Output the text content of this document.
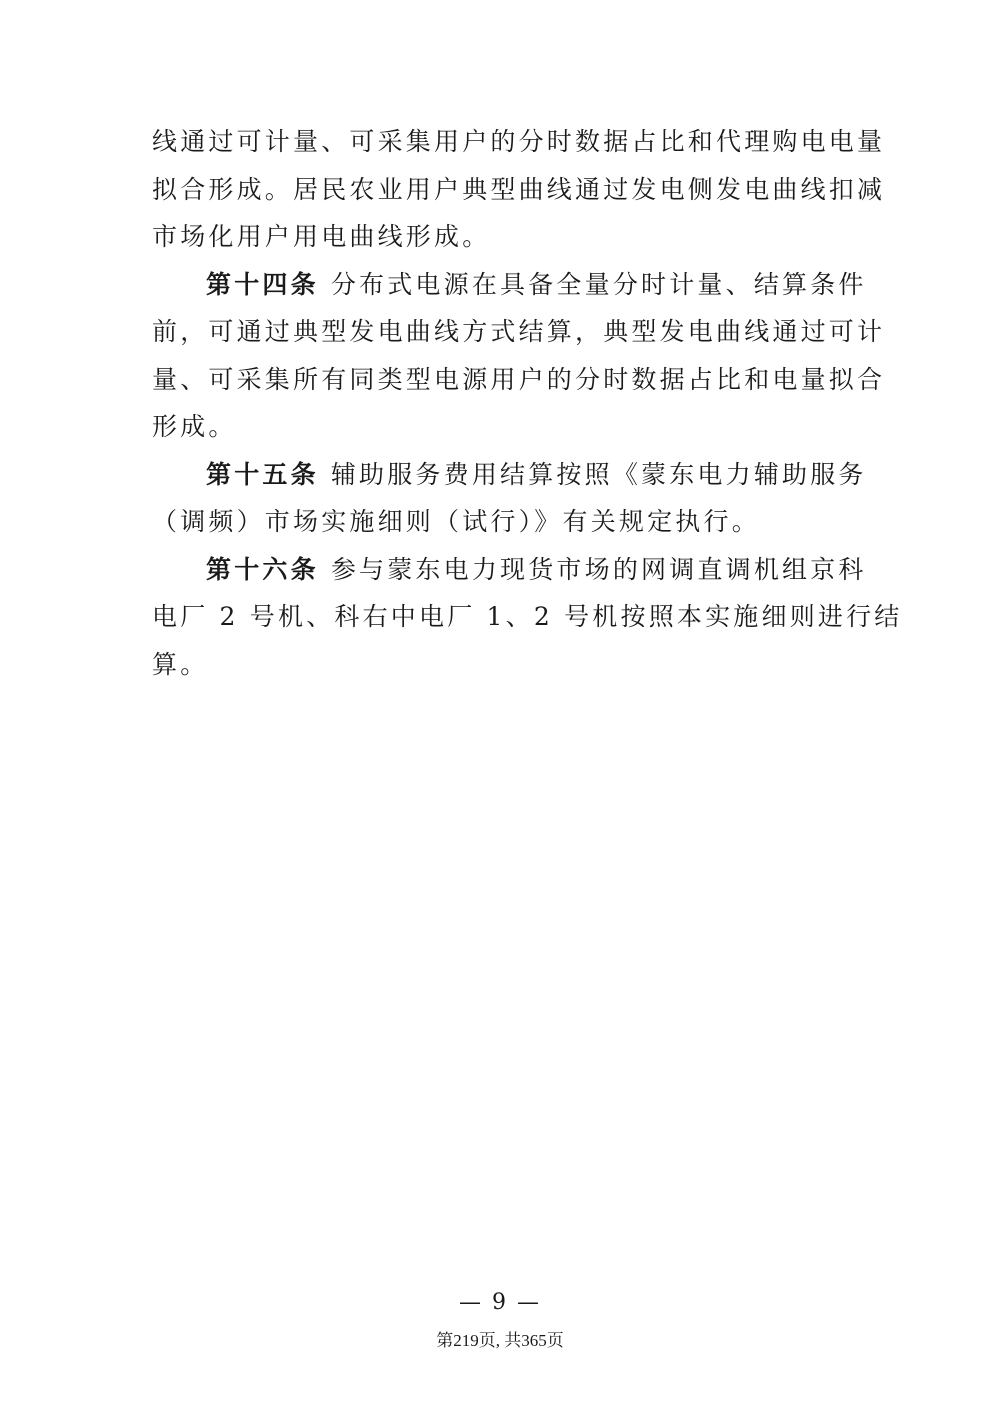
线通过可计量、可采集用户的分时数据占比和代理购电电量
拟合形成。居民农业用户典型曲线通过发电侧发电曲线扣减
市场化用户用电曲线形成。
第十四条 分布式电源在具备全量分时计量、结算条件
前，可通过典型发电曲线方式结算，典型发电曲线通过可计
量、可采集所有同类型电源用户的分时数据占比和电量拟合
形成。
第十五条 辅助服务费用结算按照《蒙东电力辅助服务
（调频）市场实施细则（试行）》有关规定执行。
第十六条 参与蒙东电力现货市场的网调直调机组京科
电厂 2 号机、科右中电厂 1、2 号机按照本实施细则进行结
算。
— 9 —
第219页, 共365页
